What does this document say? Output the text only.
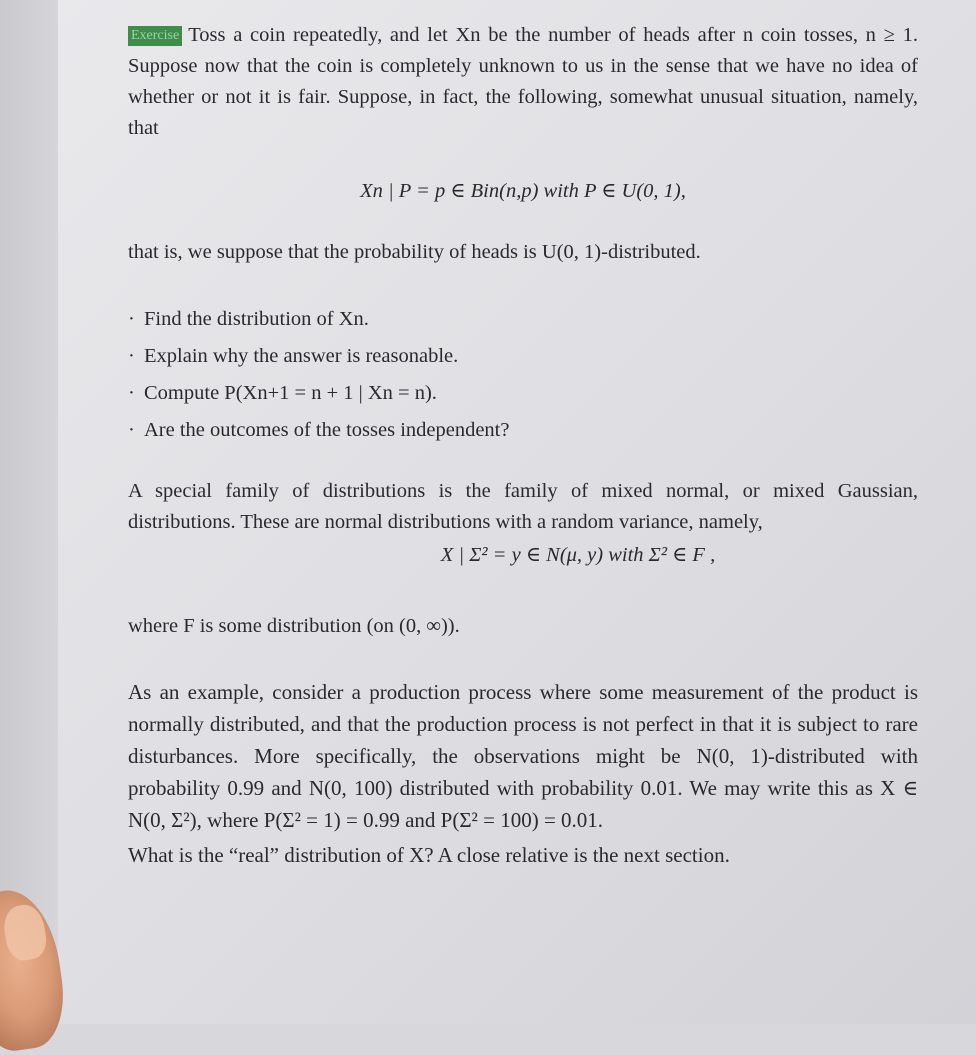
Exercise Toss a coin repeatedly, and let Xn be the number of heads after n coin tosses, n ≥ 1. Suppose now that the coin is completely unknown to us in the sense that we have no idea of whether or not it is fair. Suppose, in fact, the following, somewhat unusual situation, namely, that

Xn | P = p ∈ Bin(n,p) with P ∈ U(0, 1),

that is, we suppose that the probability of heads is U(0, 1)-distributed.

· Find the distribution of Xn.
· Explain why the answer is reasonable.
· Compute P(Xn+1 = n + 1 | Xn = n).
· Are the outcomes of the tosses independent?

A special family of distributions is the family of mixed normal, or mixed Gaussian, distributions. These are normal distributions with a random variance, namely,

X | Σ² = y ∈ N(μ, y) with Σ² ∈ F ,

where F is some distribution (on (0, ∞)).

As an example, consider a production process where some measurement of the product is normally distributed, and that the production process is not perfect in that it is subject to rare disturbances. More specifically, the observations might be N(0, 1)-distributed with probability 0.99 and N(0, 100) distributed with probability 0.01. We may write this as X ∈ N(0, Σ²), where P(Σ² = 1) = 0.99 and P(Σ² = 100) = 0.01.

What is the “real” distribution of X? A close relative is the next section.
